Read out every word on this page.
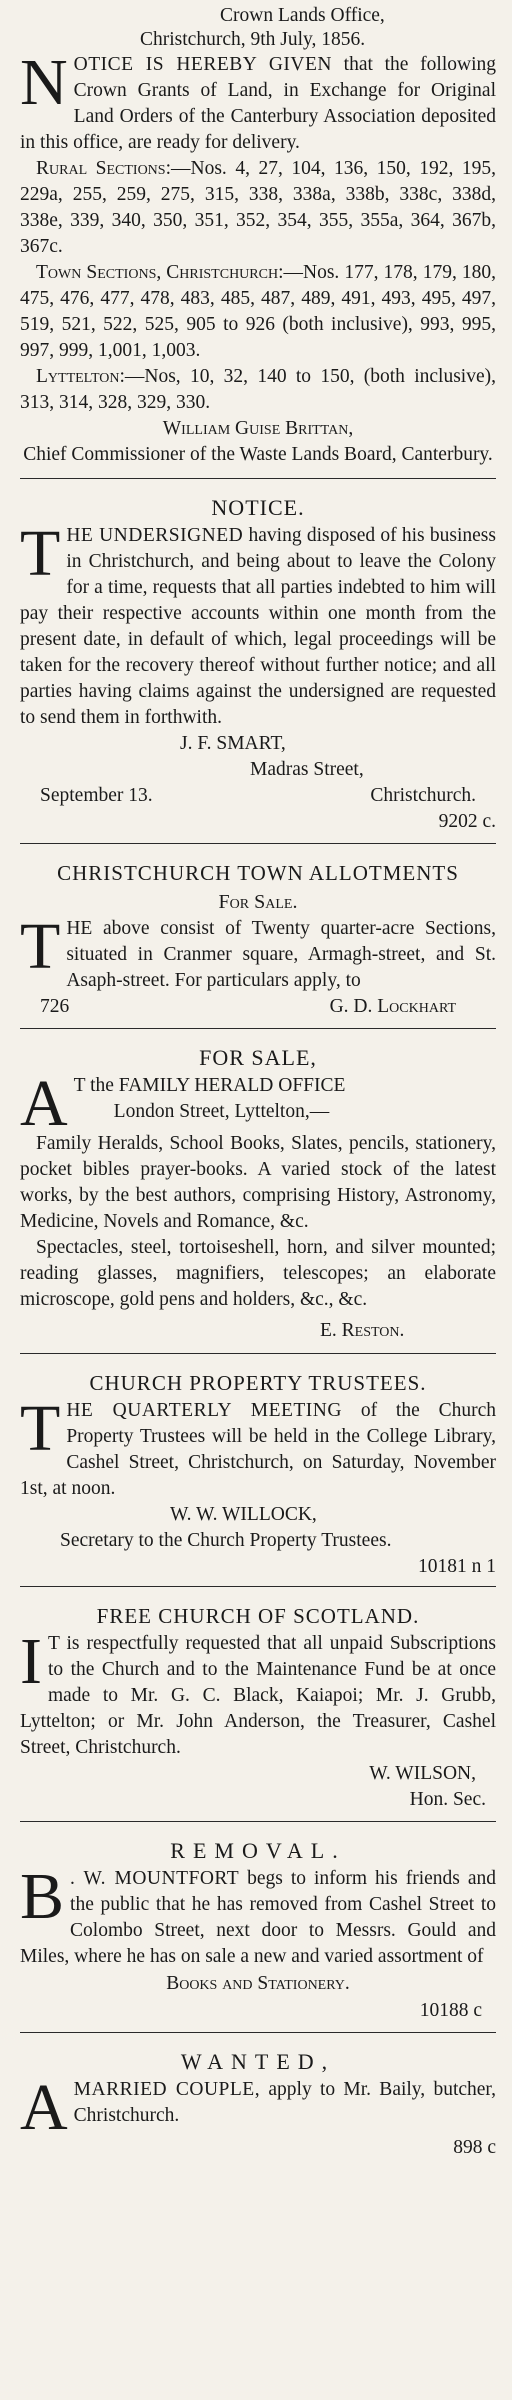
Crown Lands Office,
Christchurch, 9th July, 1856.

NOTICE IS HEREBY GIVEN that the following Crown Grants of Land, in Exchange for Original Land Orders of the Canterbury Association deposited in this office, are ready for delivery.

Rural Sections:—Nos. 4, 27, 104, 136, 150, 192, 195, 229a, 255, 259, 275, 315, 338, 338a, 338b, 338c, 338d, 338e, 339, 340, 350, 351, 352, 354, 355, 355a, 364, 367b, 367c.

Town Sections, Christchurch:—Nos. 177, 178, 179, 180, 475, 476, 477, 478, 483, 485, 487, 489, 491, 493, 495, 497, 519, 521, 522, 525, 905 to 926 (both inclusive), 993, 995, 997, 999, 1,001, 1,003.

Lyttelton:—Nos, 10, 32, 140 to 150, (both inclusive), 313, 314, 328, 329, 330.

William Guise Brittan,
Chief Commissioner of the Waste Lands Board, Canterbury.
NOTICE.

THE UNDERSIGNED having disposed of his business in Christchurch, and being about to leave the Colony for a time, requests that all parties indebted to him will pay their respective accounts within one month from the present date, in default of which, legal proceedings will be taken for the recovery thereof without further notice; and all parties having claims against the undersigned are requested to send them in forthwith.

J. F. SMART,
Madras Street,
September 13.	Christchurch.
9202 c.
CHRISTCHURCH TOWN ALLOTMENTS
For Sale.

THE above consist of Twenty quarter-acre Sections, situated in Cranmer square, Armagh-street, and St. Asaph-street. For particulars apply, to

726	G. D. Lockhart
FOR SALE,

A T the FAMILY HERALD OFFICE
London Street, Lyttelton,—

Family Heralds, School Books, Slates, pencils, stationery, pocket bibles prayer-books. A varied stock of the latest works, by the best authors, comprising History, Astronomy, Medicine, Novels and Romance, &c.

Spectacles, steel, tortoiseshell, horn, and silver mounted; reading glasses, magnifiers, telescopes; an elaborate microscope, gold pens and holders, &c., &c.

E. Reston.
CHURCH PROPERTY TRUSTEES.

THE QUARTERLY MEETING of the Church Property Trustees will be held in the College Library, Cashel Street, Christchurch, on Saturday, November 1st, at noon.

W. W. WILLOCK,
Secretary to the Church Property Trustees.
10181 n 1
FREE CHURCH OF SCOTLAND.

I T is respectfully requested that all unpaid Subscriptions to the Church and to the Maintenance Fund be at once made to Mr. G. C. Black, Kaiapoi; Mr. J. Grubb, Lyttelton; or Mr. John Anderson, the Treasurer, Cashel Street, Christchurch.

W. WILSON,
Hon. Sec.
REMOVAL.

B . W. MOUNTFORT begs to inform his friends and the public that he has removed from Cashel Street to Colombo Street, next door to Messrs. Gould and Miles, where he has on sale a new and varied assortment of

Books and Stationery.
10188 c
WANTED,

A MARRIED COUPLE, apply to Mr. Baily, butcher, Christchurch.

898 c
